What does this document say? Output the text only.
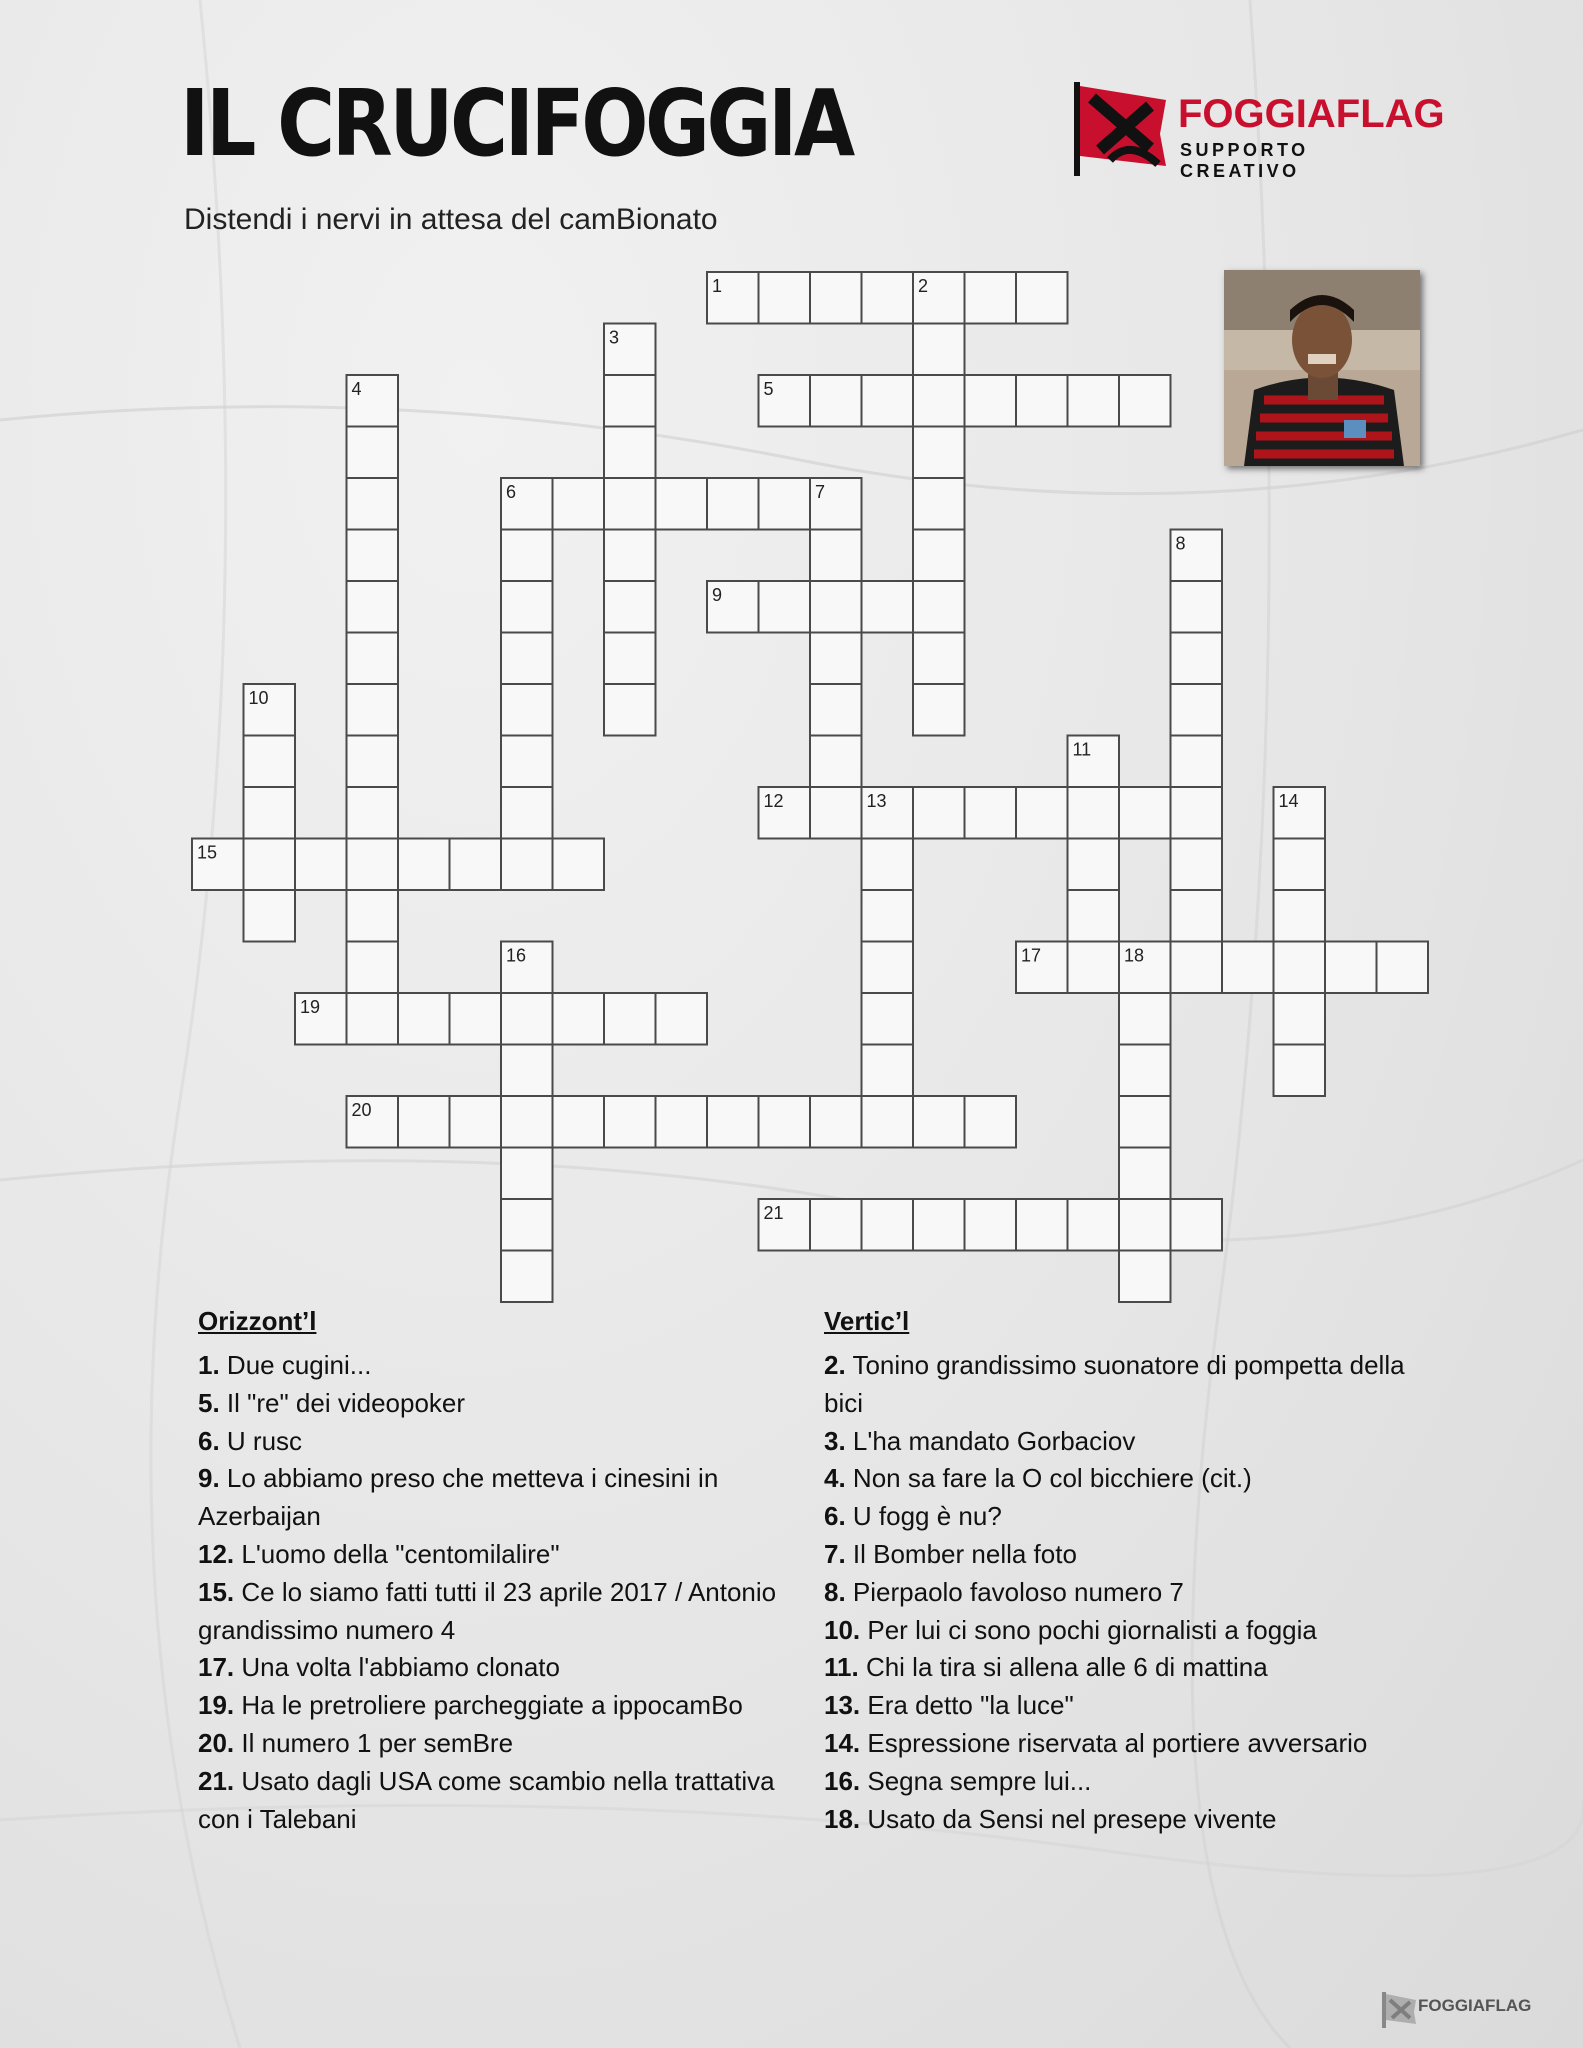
IL CRUCIFOGGIA
Distendi i nervi in attesa del camBionato
FOGGIAFLAG
SUPPORTO CREATIVO
1	2
3
4	5
6	7
8
9
10
11
12	13	14
15
16	17	18
19
20
21
Orizzont’l
1. Due cugini...
5. Il "re" dei videopoker
6. U rusc
9. Lo abbiamo preso che metteva i cinesini in Azerbaijan
12. L'uomo della "centomilalire"
15. Ce lo siamo fatti tutti il 23 aprile 2017 / Antonio grandissimo numero 4
17. Una volta l'abbiamo clonato
19. Ha le pretroliere parcheggiate a ippocamBo
20. Il numero 1 per semBre
21. Usato dagli USA come scambio nella trattativa con i Talebani
Vertic’l
2. Tonino grandissimo suonatore di pompetta della bici
3. L'ha mandato Gorbaciov
4. Non sa fare la O col bicchiere (cit.)
6. U fogg è nu?
7. Il Bomber nella foto
8. Pierpaolo favoloso numero 7
10. Per lui ci sono pochi giornalisti a foggia
11. Chi la tira si allena alle 6 di mattina
13. Era detto "la luce"
14. Espressione riservata al portiere avversario
16. Segna sempre lui...
18. Usato da Sensi nel presepe vivente
FOGGIAFLAG
